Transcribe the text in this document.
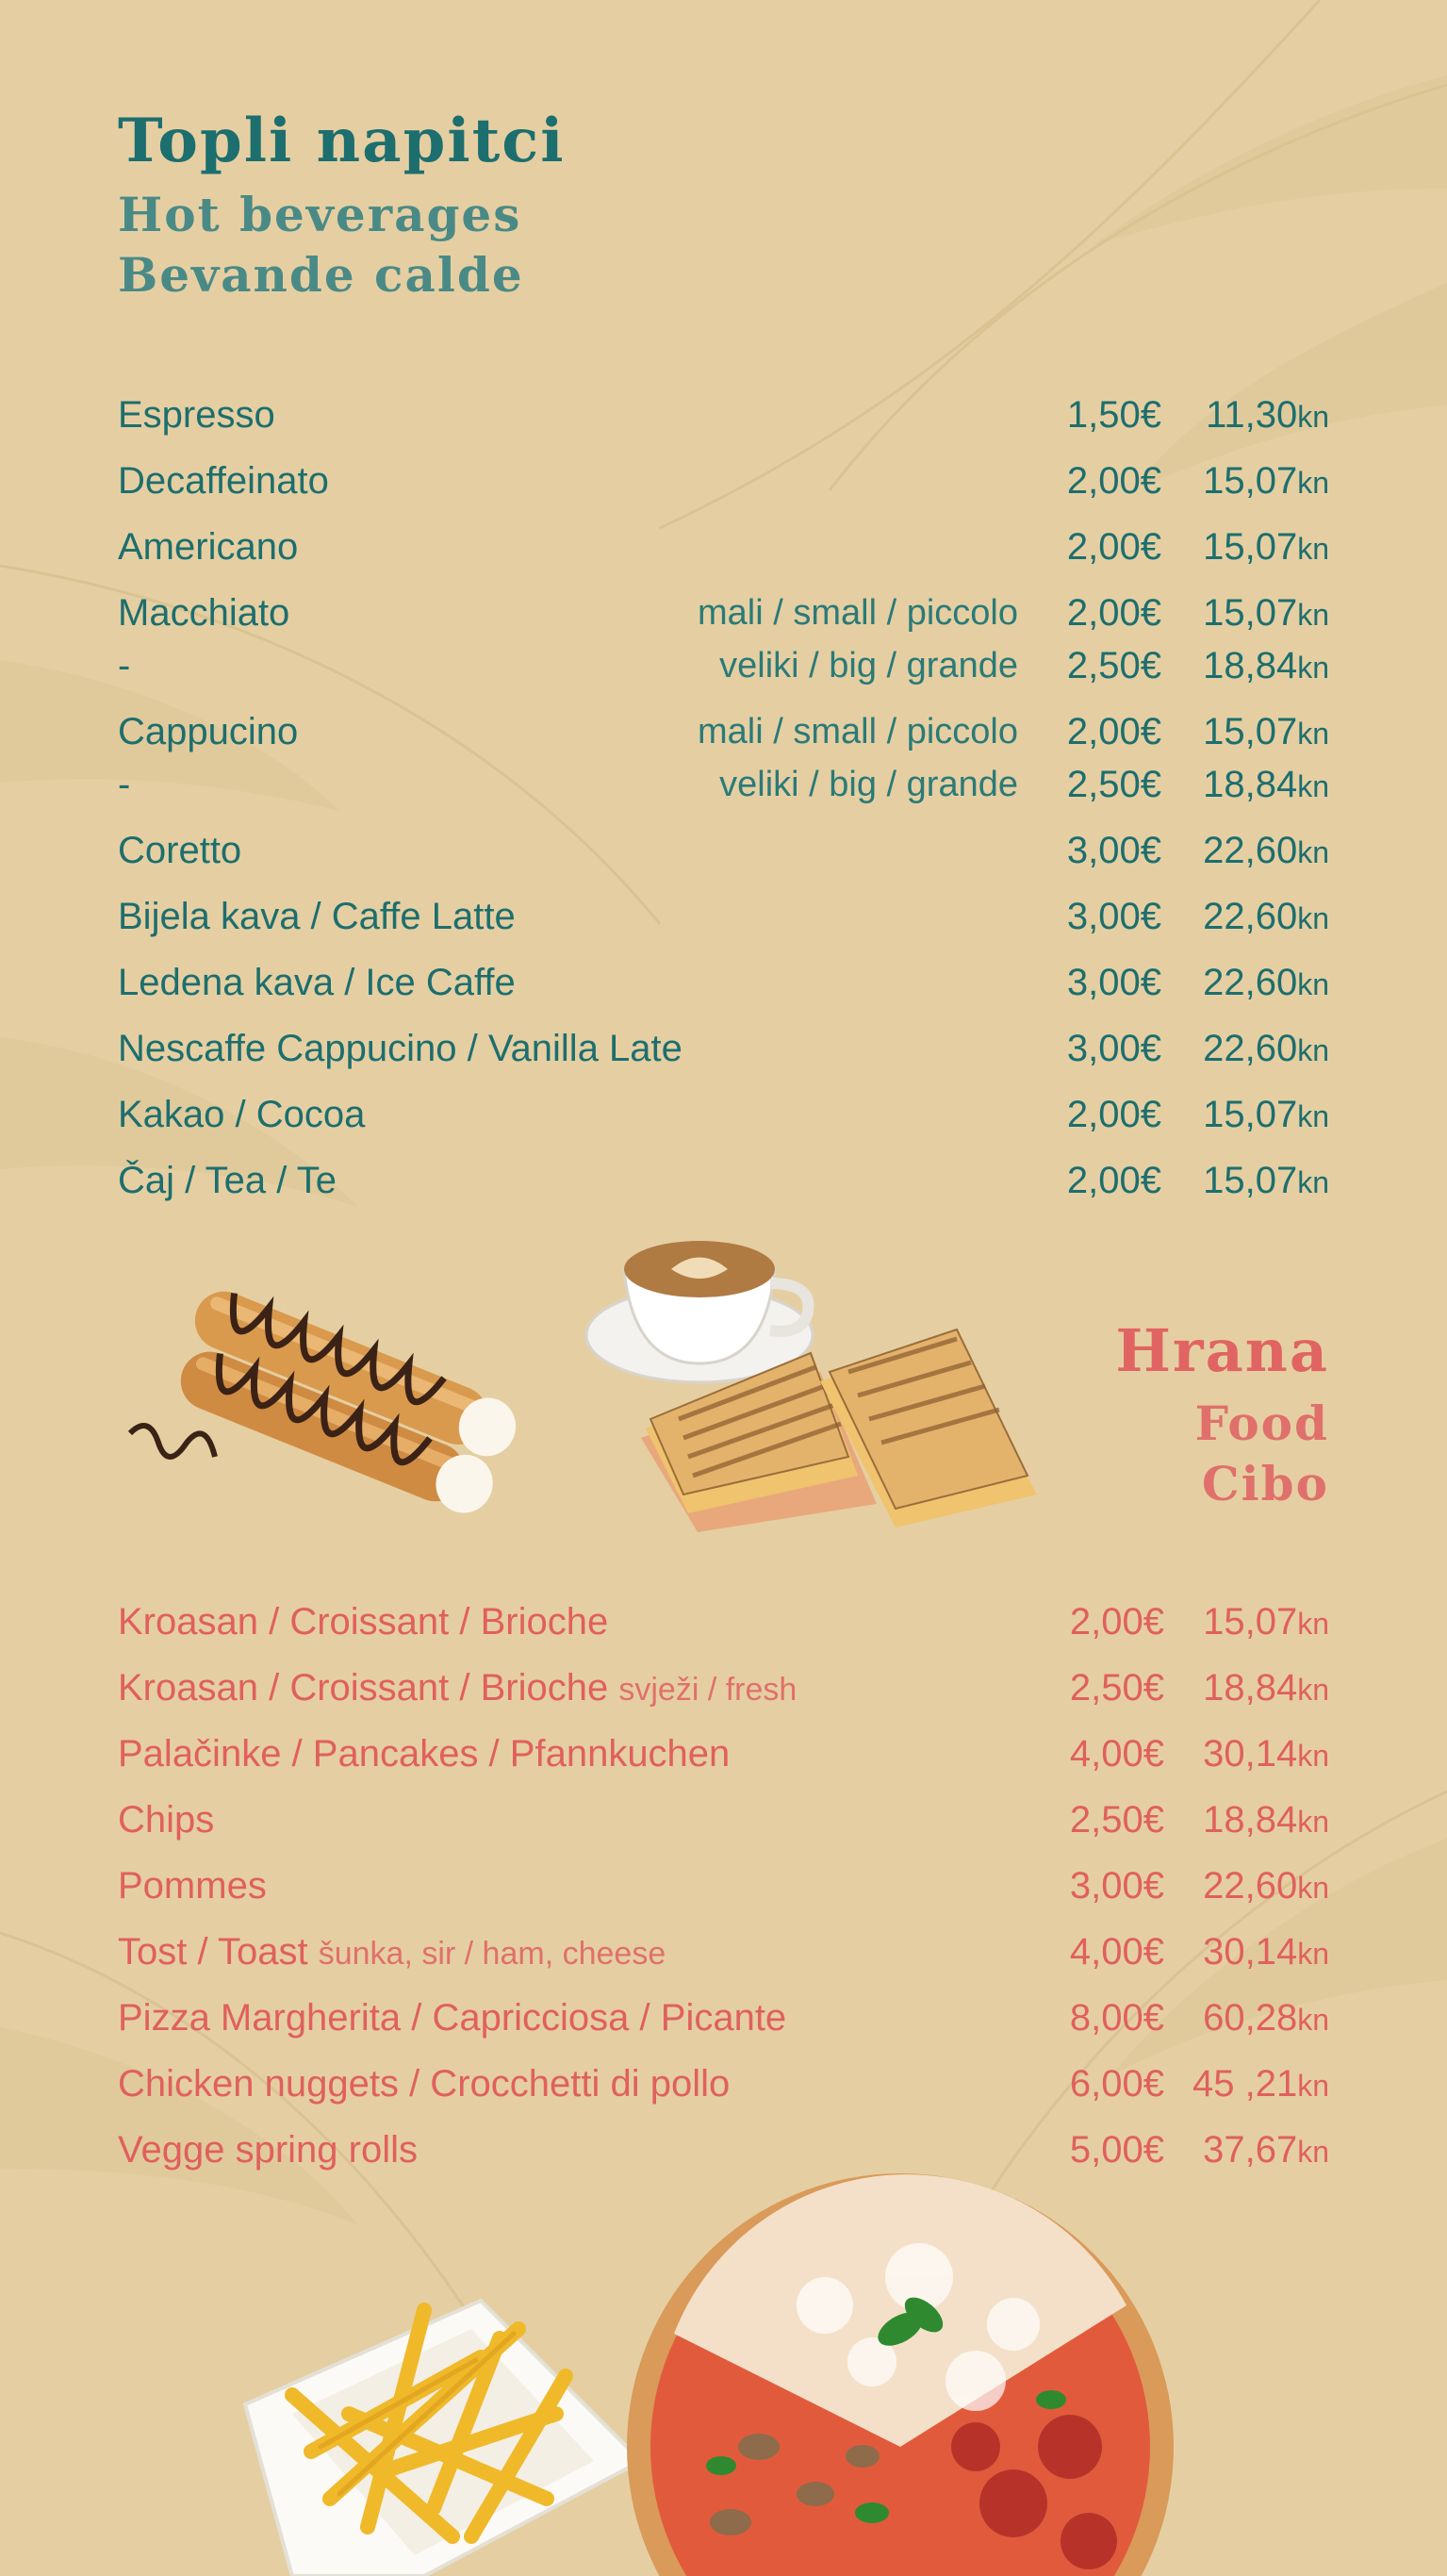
Topli napitci
Hot beverages
Bevande calde
Espresso	1,50€ 11,30kn
Decaffeinato	2,00€ 15,07kn
Americano	2,00€ 15,07kn
Macchiato	mali / small / piccolo 2,00€ 15,07kn
-	veliki / big / grande 2,50€ 18,84kn
Cappucino	mali / small / piccolo 2,00€ 15,07kn
-	veliki / big / grande 2,50€ 18,84kn
Coretto	3,00€ 22,60kn
Bijela kava / Caffe Latte	3,00€ 22,60kn
Ledena kava / Ice Caffe	3,00€ 22,60kn
Nescaffe Cappucino / Vanilla Late	3,00€ 22,60kn
Kakao / Cocoa	2,00€ 15,07kn
Čaj / Tea / Te	2,00€ 15,07kn
Hrana
Food
Cibo
Kroasan / Croissant / Brioche	2,00€ 15,07kn
Kroasan / Croissant / Brioche svježi / fresh	2,50€ 18,84kn
Palačinke / Pancakes / Pfannkuchen	4,00€ 30,14kn
Chips	2,50€ 18,84kn
Pommes	3,00€ 22,60kn
Tost / Toast šunka, sir / ham, cheese	4,00€ 30,14kn
Pizza Margherita / Capricciosa / Picante	8,00€ 60,28kn
Chicken nuggets / Crocchetti di pollo	6,00€ 45 ,21kn
Vegge spring rolls	5,00€ 37,67kn
